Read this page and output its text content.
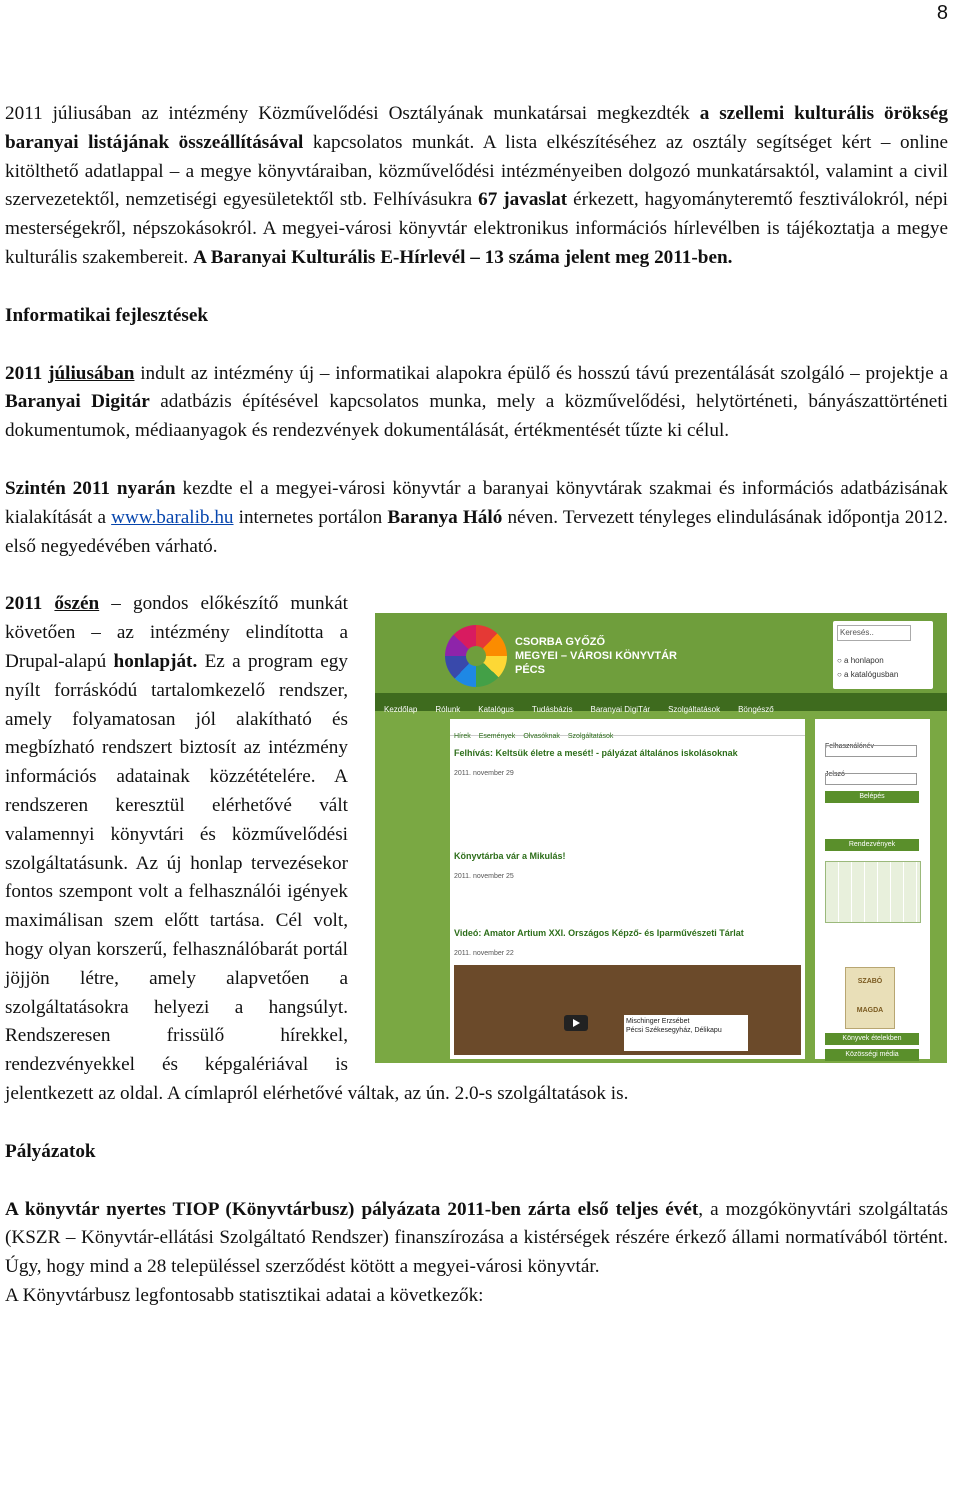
8

2011 júliusában az intézmény Közművelődési Osztályának munkatársai megkezdték a szellemi kulturális örökség baranyai listájának összeállításával kapcsolatos munkát. A lista elkészítéséhez az osztály segítséget kért – online kitölthető adatlappal – a megye könyvtáraiban, közművelődési intézményeiben dolgozó munkatársaktól, valamint a civil szervezetektől, nemzetiségi egyesületektől stb. Felhívásukra 67 javaslat érkezett, hagyományteremtő fesztiválokról, népi mesterségekről, népszokásokról. A megyei-városi könyvtár elektronikus információs hírlevélben is tájékoztatja a megye kulturális szakembereit. A Baranyai Kulturális E-Hírlevél – 13 száma jelent meg 2011-ben.

Informatikai fejlesztések

2011 júliusában indult az intézmény új – informatikai alapokra épülő és hosszú távú prezentálását szolgáló – projektje a Baranyai Digitár adatbázis építésével kapcsolatos munka, mely a közművelődési, helytörténeti, bányászattörténeti dokumentumok, médiaanyagok és rendezvények dokumentálását, értékmentését tűzte ki célul.

Szintén 2011 nyarán kezdte el a megyei-városi könyvtár a baranyai könyvtárak szakmai és információs adatbázisának kialakítását a www.baralib.hu internetes portálon Baranya Háló néven. Tervezett tényleges elindulásának időpontja 2012. első negyedévében várható.

CSORBA GYŐZŐ
MEGYEI – VÁROSI KÖNYVTÁR
PÉCS
Keresés..
○ a honlapon
○ a katalógusban
Kezdőlap Rólunk Katalógus Tudásbázis Baranyai DigiTár Szolgáltatások Böngésző
Hírek Események Olvasóknak Szolgáltatások
Felhívás: Keltsük életre a mesét! - pályázat általános iskolásoknak
2011. november 29
Könyvtárba vár a Mikulás!
2011. november 25
Videó: Amator Artium XXI. Országos Képző- és Iparművészeti Tárlat
2011. november 22
Mischinger Erzsébet
Pécsi Székesegyház, Délikapu
Felhasználónév
Jelszó
Belépés
Rendezvények
SZABÓ MAGDA
Könyvek ételekben
Közösségi média

2011 őszén – gondos előkészítő munkát követően – az intézmény elindította a Drupal-alapú honlapját. Ez a program egy nyílt forráskódú tartalomkezelő rendszer, amely folyamatosan jól alakítható és megbízható rendszert biztosít az intézmény információs adatainak közzétételére. A rendszeren keresztül elérhetővé vált valamennyi könyvtári és közművelődési szolgáltatásunk. Az új honlap tervezésekor fontos szempont volt a felhasználói igények maximálisan szem előtt tartása. Cél volt, hogy olyan korszerű, felhasználóbarát portál jöjjön létre, amely alapvetően a szolgáltatásokra helyezi a hangsúlyt. Rendszeresen frissülő hírekkel, rendezvényekkel és képgalériával is jelentkezett az oldal. A címlapról elérhetővé váltak, az ún. 2.0-s szolgáltatások is.

Pályázatok

A könyvtár nyertes TIOP (Könyvtárbusz) pályázata 2011-ben zárta első teljes évét, a mozgókönyvtári szolgáltatás (KSZR – Könyvtár-ellátási Szolgáltató Rendszer) finanszírozása a kistérségek részére érkező állami normatívából történt. Úgy, hogy mind a 28 településsel szerződést kötött a megyei-városi könyvtár.

A Könyvtárbusz legfontosabb statisztikai adatai a következők:
